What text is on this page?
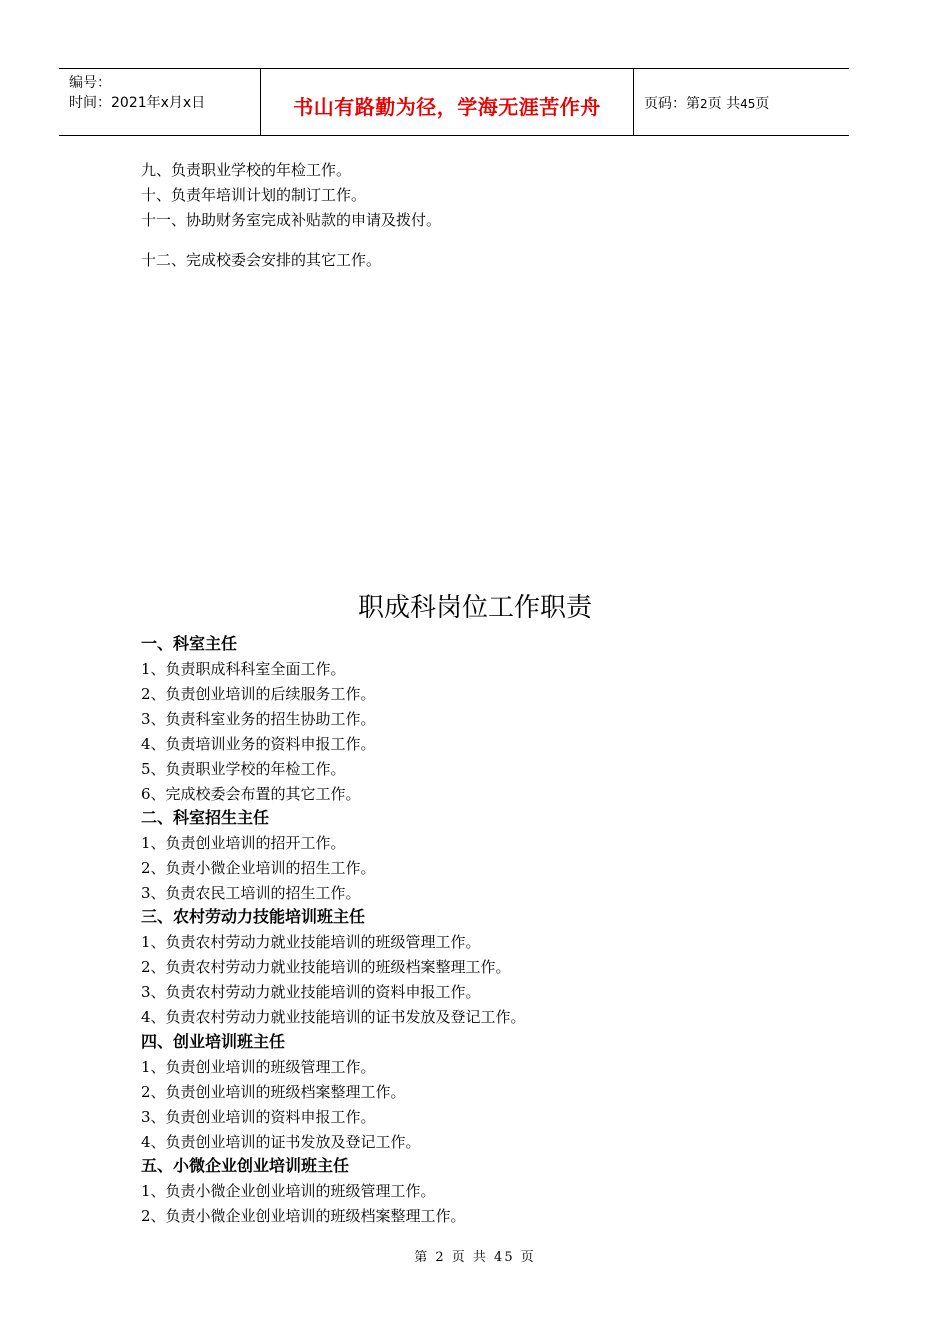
编号：
时间：2021年x月x日	书山有路勤为径，学海无涯苦作舟	页码：第2页 共45页
九、负责职业学校的年检工作。
十、负责年培训计划的制订工作。
十一、协助财务室完成补贴款的申请及拨付。
十二、完成校委会安排的其它工作。
职成科岗位工作职责
一、科室主任
1、负责职成科科室全面工作。
2、负责创业培训的后续服务工作。
3、负责科室业务的招生协助工作。
4、负责培训业务的资料申报工作。
5、负责职业学校的年检工作。
6、完成校委会布置的其它工作。
二、科室招生主任
1、负责创业培训的招开工作。
2、负责小微企业培训的招生工作。
3、负责农民工培训的招生工作。
三、农村劳动力技能培训班主任
1、负责农村劳动力就业技能培训的班级管理工作。
2、负责农村劳动力就业技能培训的班级档案整理工作。
3、负责农村劳动力就业技能培训的资料申报工作。
4、负责农村劳动力就业技能培训的证书发放及登记工作。
四、创业培训班主任
1、负责创业培训的班级管理工作。
2、负责创业培训的班级档案整理工作。
3、负责创业培训的资料申报工作。
4、负责创业培训的证书发放及登记工作。
五、小微企业创业培训班主任
1、负责小微企业创业培训的班级管理工作。
2、负责小微企业创业培训的班级档案整理工作。
第 2 页 共 45 页
